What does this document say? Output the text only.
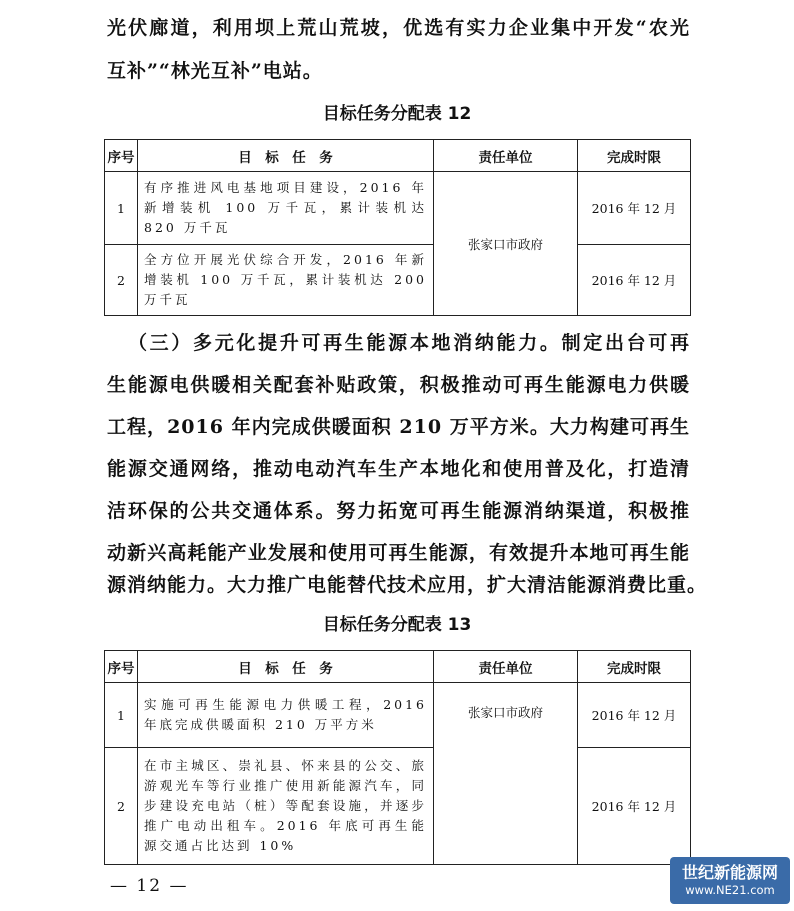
光伏廊道，利用坝上荒山荒坡，优选有实力企业集中开发“农光
互补”“林光互补”电站。
目标任务分配表 12
序号	目　标　任　务	责任单位	完成时限
1	有序推进风电基地项目建设，2016 年新增装机 100 万千瓦，累计装机达 820 万千瓦	张家口市政府	2016 年 12 月
2	全方位开展光伏综合开发，2016 年新增装机 100 万千瓦，累计装机达 200 万千瓦		2016 年 12 月
（三）多元化提升可再生能源本地消纳能力。制定出台可再
生能源电供暖相关配套补贴政策，积极推动可再生能源电力供暖
工程，2016 年内完成供暖面积 210 万平方米。大力构建可再生
能源交通网络，推动电动汽车生产本地化和使用普及化，打造清
洁环保的公共交通体系。努力拓宽可再生能源消纳渠道，积极推
动新兴高耗能产业发展和使用可再生能源，有效提升本地可再生能
源消纳能力。大力推广电能替代技术应用，扩大清洁能源消费比重。
目标任务分配表 13
序号	目　标　任　务	责任单位	完成时限
1	实施可再生能源电力供暖工程，2016 年底完成供暖面积 210 万平方米	张家口市政府	2016 年 12 月
2	在市主城区、崇礼县、怀来县的公交、旅游观光车等行业推广使用新能源汽车，同步建设充电站（桩）等配套设施，并逐步推广电动出租车。2016 年底可再生能源交通占比达到 10%		2016 年 12 月
— 12 —
世纪新能源网
www.NE21.com
